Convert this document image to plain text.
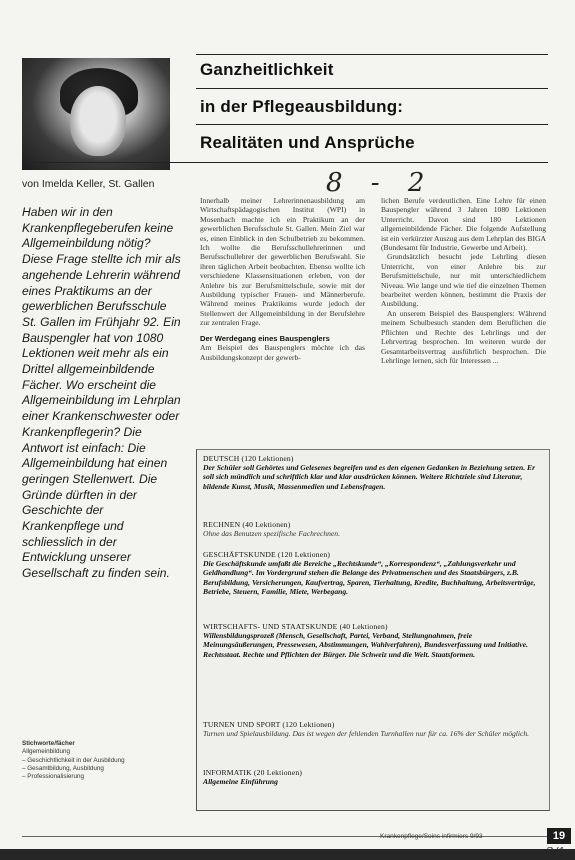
Ganzheitlichkeit
in der Pflegeausbildung:
Realitäten und Ansprüche
von Imelda Keller, St. Gallen	8 - 2
Haben wir in den Krankenpflegeberufen keine Allgemeinbildung nötig? Diese Frage stellte ich mir als angehende Lehrerin während eines Praktikums an der gewerblichen Berufsschule St. Gallen im Frühjahr 92. Ein Bauspengler hat von 1080 Lektionen weit mehr als ein Drittel allgemeinbildende Fächer. Wo erscheint die Allgemeinbildung im Lehrplan einer Krankenschwester oder Krankenpflegerin? Die Antwort ist einfach: Die Allgemeinbildung hat einen geringen Stellenwert. Die Gründe dürften in der Geschichte der Krankenpflege und schliesslich in der Entwicklung unserer Gesellschaft zu finden sein.

Innerhalb meiner Lehrerinnenausbildung am Wirtschaftspädagogischen Institut (WPI) in Mosenbach machte ich ein Praktikum an der gewerblichen Berufsschule St. Gallen. Mein Ziel war es, einen Einblick in den Schulbetrieb zu bekommen. Ich wollte die Berufsschullehrerinnen und Berufsschullehrer der gewerblichen Berufswahl. Sie ihren täglichen Arbeit beobachten. Ebenso wollte ich verschiedene Klassensituationen erleben, von der Anlehre bis zur Berufsmittelschule, sowie mit der Ausbildung typischer Frauen- und Männerberufe. Während meines Praktikums wurde jedoch der Stellenwert der Allgemeinbildung in der Berufslehre zur zentralen Frage.

Der Werdegang eines Bauspenglers

Am Beispiel des Bauspenglers möchte ich das Ausbildungskonzept der gewerb-

lichen Berufe verdeutlichen. Eine Lehre für einen Bauspengler während 3 Jahren 1080 Lektionen Unterricht. Davon sind 180 Lektionen allgemeinbildende Fächer. Die folgende Aufstellung ist ein verkürzter Auszug aus dem Lehrplan des BIGA (Bundesamt für Industrie, Gewerbe und Arbeit).

Grundsätzlich besucht jede Lehrling diesen Unterricht, von einer Anlehre bis zur Berufsmittelschule, nur mit unterschiedlichem Niveau. Wie lange und wie tief die einzelnen Themen bearbeitet werden können, bestimmt die Praxis der Ausbildung.

An unserem Beispiel des Bauspenglers: Während meinem Schulbesuch standen dem Beruflichen die Pflichten und Rechte des Lehrlings und der Lehrvertrag besprochen. Im weiteren wurde der Gesamtarbeitsvertrag ausführlich besprochen. Die Lehrlinge lernen, sich für Interessen ...

DEUTSCH (120 Lektionen)
Der Schüler soll Gehörtes und Gelesenes begreifen und es den eigenen Gedanken in Beziehung setzen. Er soll sich mündlich und schriftlich klar und klar ausdrücken können. Weitere Richtziele sind Literatur, bildende Kunst, Musik, Massenmedien und Lebensfragen.
RECHNEN (40 Lektionen)
Ohne das Benutzen spezifische Fachrechnen.
GESCHÄFTSKUNDE (120 Lektionen)
Die Geschäftskunde umfaßt die Bereiche „Rechtskunde“, „Korrespondenz“, „Zahlungsverkehr und Geldhandlung“. Im Vordergrund stehen die Belange des Privatmenschen und des Staatsbürgers, z.B. Berufsbildung, Versicherungen, Kaufvertrag, Sparen, Tierhaltung, Kredite, Buchhaltung, Arbeitsverträge, Betriebe, Steuern, Familie, Miete, Werbegang.
WIRTSCHAFTS- UND STAATSKUNDE (40 Lektionen)
Willensbildungsprozeß (Mensch, Gesellschaft, Partei, Verband, Stellungnahmen, freie Meinungsäußerungen, Pressewesen, Abstimmungen, Wahlverfahren), Bundesverfassung und Initiative. Rechtsstaat. Rechte und Pflichten der Bürger. Die Schweiz und die Welt. Staatsformen.
TURNEN UND SPORT (120 Lektionen)
Turnen und Spielausbildung. Das ist wegen der fehlenden Turnhallen nur für ca. 16% der Schüler möglich.
INFORMATIK (20 Lektionen)
Allgemeine Einführung
Stichworte/fächer
Allgemeinbildung
– Geschichtlichkeit in der Ausbildung
– Gesamtbildung, Ausbildung
– Professionalisierung
Krankenpflege/Soins infirmiers 9/93	19
